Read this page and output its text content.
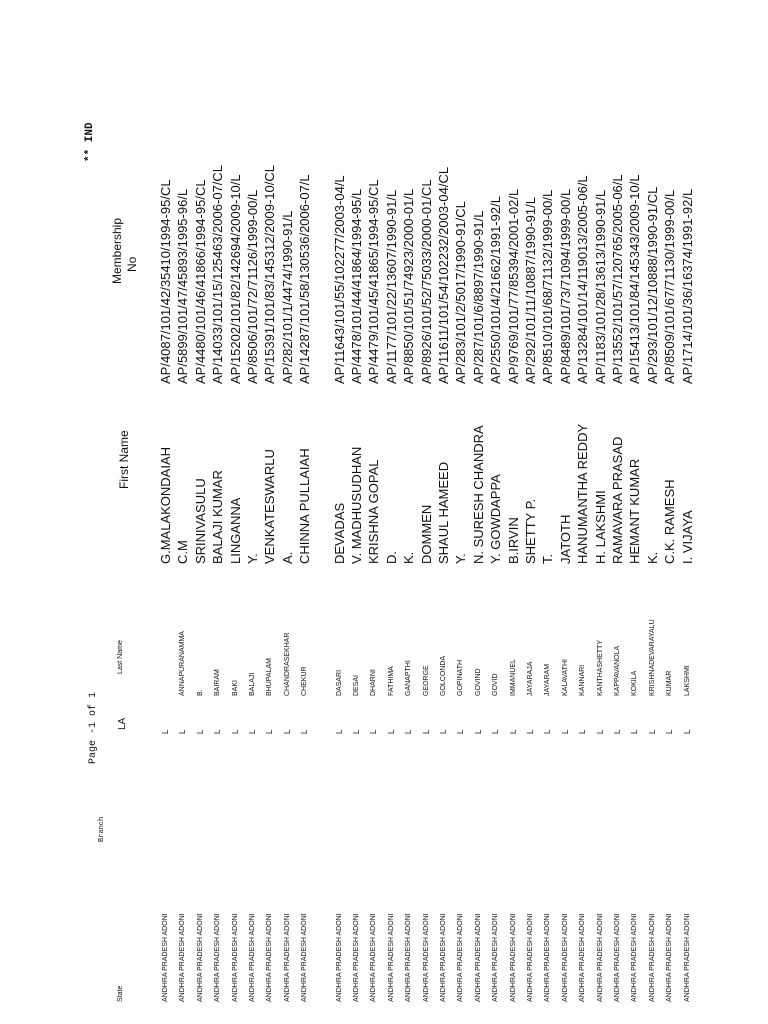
** IND
Page -1 of 1
State
Branch
LA
Last Name
First Name
Membership No
ANDHRA PRADESH ADONI
L
G.MALAKONDAIAH
AP/4087/101/42/35410/1994-95/CL
ANDHRA PRADESH ADONI
L
ANNAPURANAMMA
C.M
AP/5899/101/47/45893/1995-96/L
ANDHRA PRADESH ADONI
L
B.
SRINIVASULU
AP/4480/101/46/41866/1994-95/CL
ANDHRA PRADESH ADONI
L
BAIRAM
BALAJI KUMAR
AP/14033/101/15/125463/2006-07/CL
ANDHRA PRADESH ADONI
L
BAKI
LINGANNA
AP/15202/101/82/142694/2009-10/L
ANDHRA PRADESH ADONI
L
BALAJI
Y.
AP/8506/101/72/71126/1999-00/L
ANDHRA PRADESH ADONI
L
BHUPALAM
VENKATESWARLU
AP/15391/101/83/145312/2009-10/CL
ANDHRA PRADESH ADONI
L
CHANDRASEKHAR
A.
AP/282/101/1/4474/1990-91/L
ANDHRA PRADESH ADONI
L
CHEKUR
CHINNA PULLAIAH
AP/14287/101/58/130536/2006-07/L
ANDHRA PRADESH ADONI
L
DASARI
DEVADAS
AP/11643/101/55/102277/2003-04/L
ANDHRA PRADESH ADONI
L
DESAI
V. MADHUSUDHAN
AP/4478/101/44/41864/1994-95/L
ANDHRA PRADESH ADONI
L
DHARNI
KRISHNA GOPAL
AP/4479/101/45/41865/1994-95/CL
ANDHRA PRADESH ADONI
L
FATHIMA
D.
AP/1177/101/22/13607/1990-91/L
ANDHRA PRADESH ADONI
L
GANAPTHI
K.
AP/8850/101/51/74923/2000-01/L
ANDHRA PRADESH ADONI
L
GEORGE
DOMMEN
AP/8926/101/52/75033/2000-01/CL
ANDHRA PRADESH ADONI
L
GOLCONDA
SHAUL HAMEED
AP/11611/101/54/102232/2003-04/CL
ANDHRA PRADESH ADONI
L
GOPINATH
Y.
AP/283/101/2/5017/1990-91/CL
ANDHRA PRADESH ADONI
L
GOVIND
N. SURESH CHANDRA
AP/287/101/6/8897/1990-91/L
ANDHRA PRADESH ADONI
L
GOVID
Y. GOWDAPPA
AP/2550/101/4/21662/1991-92/L
ANDHRA PRADESH ADONI
L
IMMANUEL
B.IRVIN
AP/9769/101/77/85394/2001-02/L
ANDHRA PRADESH ADONI
L
JAYARAJA
SHETTY P.
AP/292/101/11/10887/1990-91/L
ANDHRA PRADESH ADONI
L
JAYARAM
T.
AP/8510/101/68/71132/1999-00/L
ANDHRA PRADESH ADONI
L
KALAVATHI
JATOTH
AP/8489/101/73/71094/1999-00/L
ANDHRA PRADESH ADONI
L
KANNARI
HANUMANTHA REDDY
AP/13284/101/14/119013/2005-06/L
ANDHRA PRADESH ADONI
L
KANTHASHETTY
H. LAKSHMI
AP/1183/101/28/13613/1990-91/L
ANDHRA PRADESH ADONI
L
KAPPAVANOLA
RAMAVARA PRASAD
AP/13552/101/57/120765/2005-06/L
ANDHRA PRADESH ADONI
L
KOKILA
HEMANT KUMAR
AP/15413/101/84/145343/2009-10/L
ANDHRA PRADESH ADONI
L
KRISHNADEVARAYALU
K.
AP/293/101/12/10888/1990-91/CL
ANDHRA PRADESH ADONI
L
KUMAR
C.K. RAMESH
AP/8509/101/67/71130/1999-00/L
ANDHRA PRADESH ADONI
L
LAKSHMI
I. VIJAYA
AP/1714/101/36/16374/1991-92/L
